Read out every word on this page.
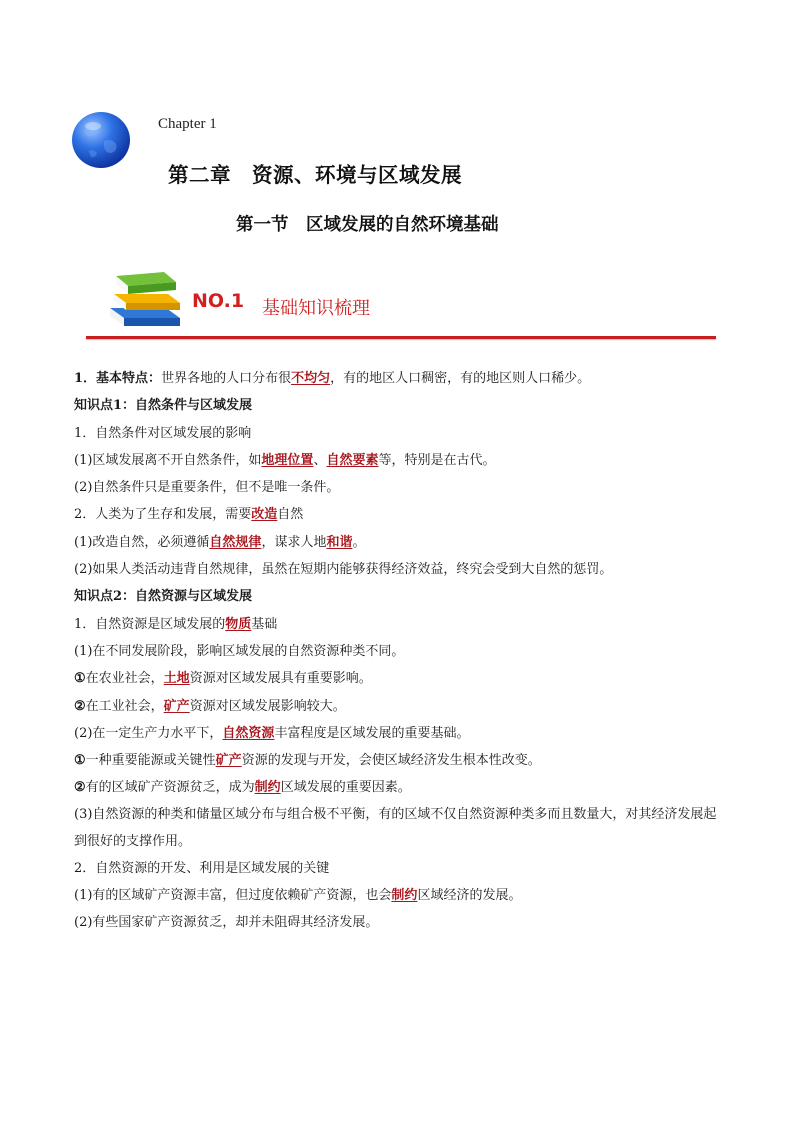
Chapter 1
第二章　资源、环境与区域发展
第一节　区域发展的自然环境基础
NO.1 基础知识梳理
1．基本特点：世界各地的人口分布很不均匀，有的地区人口稠密，有的地区则人口稀少。
知识点1：自然条件与区域发展
1．自然条件对区域发展的影响
(1)区域发展离不开自然条件，如地理位置、自然要素等，特别是在古代。
(2)自然条件只是重要条件，但不是唯一条件。
2．人类为了生存和发展，需要改造自然
(1)改造自然，必须遵循自然规律，谋求人地和谐。
(2)如果人类活动违背自然规律，虽然在短期内能够获得经济效益，终究会受到大自然的惩罚。
知识点2：自然资源与区域发展
1．自然资源是区域发展的物质基础
(1)在不同发展阶段，影响区域发展的自然资源种类不同。
①在农业社会，土地资源对区域发展具有重要影响。
②在工业社会，矿产资源对区域发展影响较大。
(2)在一定生产力水平下，自然资源丰富程度是区域发展的重要基础。
①一种重要能源或关键性矿产资源的发现与开发，会使区域经济发生根本性改变。
②有的区域矿产资源贫乏，成为制约区域发展的重要因素。
(3)自然资源的种类和储量区域分布与组合极不平衡，有的区域不仅自然资源种类多而且数量大，对其经济发展起到很好的支撑作用。
2．自然资源的开发、利用是区域发展的关键
(1)有的区域矿产资源丰富，但过度依赖矿产资源，也会制约区域经济的发展。
(2)有些国家矿产资源贫乏，却并未阻碍其经济发展。
